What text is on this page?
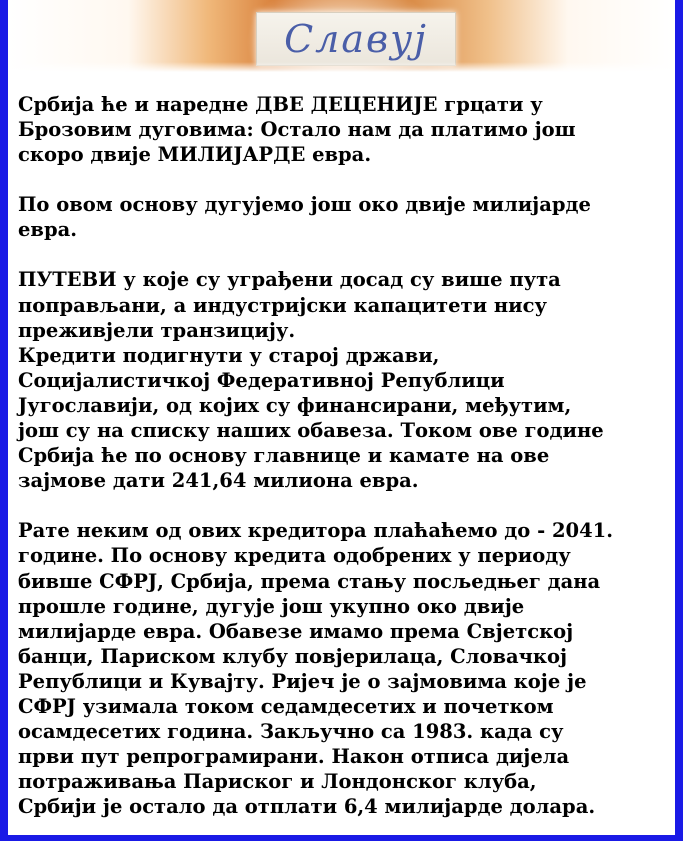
Славуј

Србија ће и наредне ДВЕ ДЕЦЕНИЈЕ грцати у
Брозовим дуговима: Остало нам да платимо још
скоро двије МИЛИЈАРДЕ евра.

По овом основу дугујемо још око двије милијарде
евра.

ПУТЕВИ у које су уграђени досад су више пута
поправљани, а индустријски капацитети нису
преживјели транзицију.

Кредити подигнути у старој држави,
Социјалистичкој Федеративној Републици
Југославији, од којих су финансирани, међутим,
још су на списку наших обавеза. Током ове године
Србија ће по основу главнице и камате на ове
зајмове дати 241,64 милиона евра.

Рате неким од ових кредитора плаћаћемо до - 2041.
године. По основу кредита одобрених у периоду
бивше СФРЈ, Србија, према стању посљедњег дана
прошле године, дугује још укупно око двије
милијарде евра. Обавезе имамо према Свјетској
банци, Париском клубу повјерилаца, Словачкој
Републици и Кувајту. Ријеч је о зајмовима које је
СФРЈ узимала током седамдесетих и почетком
осамдесетих година. Закључно са 1983. када су
први пут репрограмирани. Након отписа дијела
потраживања Париског и Лондонског клуба,
Србији је остало да отплати 6,4 милијарде долара.
